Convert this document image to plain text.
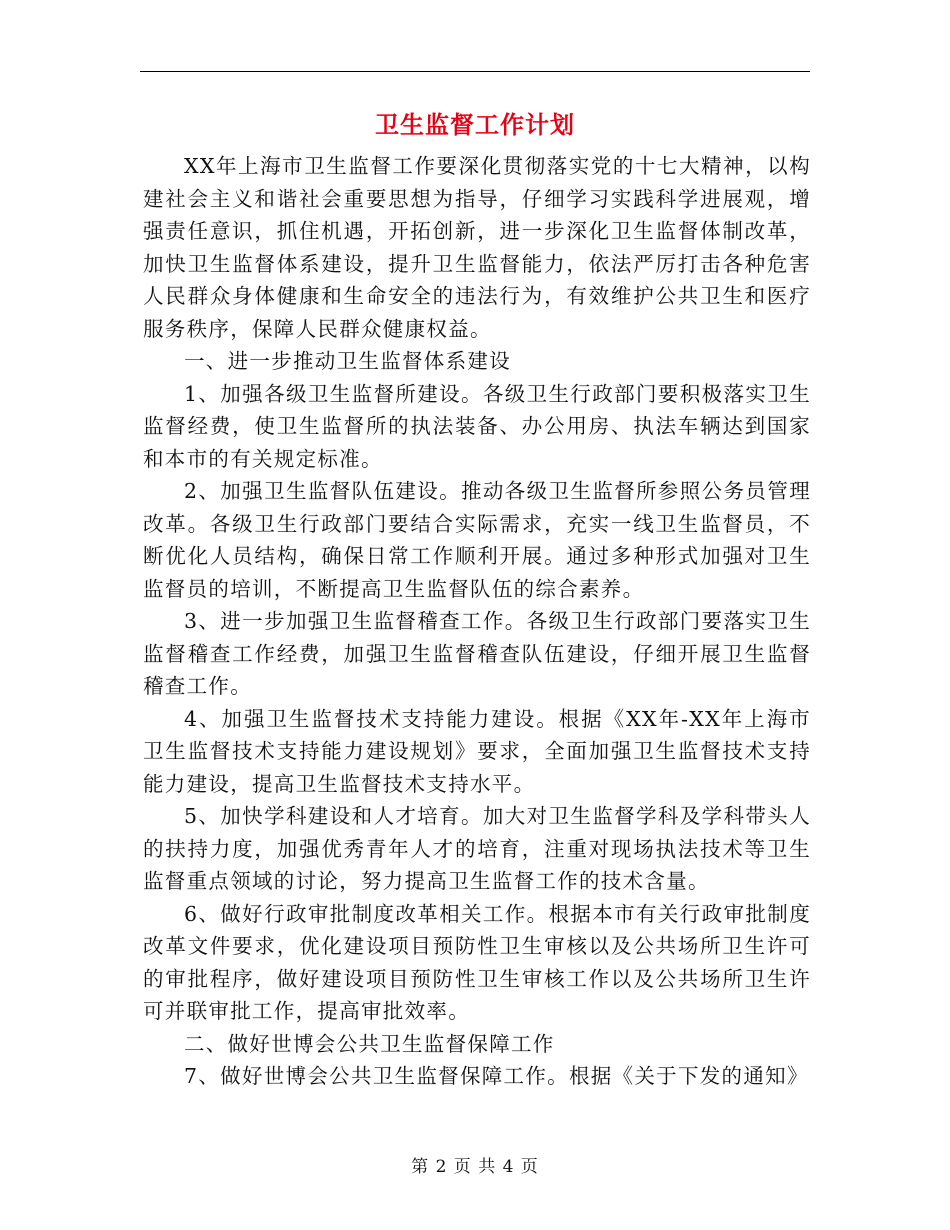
卫生监督工作计划

XX年上海市卫生监督工作要深化贯彻落实党的十七大精神，以构建社会主义和谐社会重要思想为指导，仔细学习实践科学进展观，增强责任意识，抓住机遇，开拓创新，进一步深化卫生监督体制改革，加快卫生监督体系建设，提升卫生监督能力，依法严厉打击各种危害人民群众身体健康和生命安全的违法行为，有效维护公共卫生和医疗服务秩序，保障人民群众健康权益。

一、进一步推动卫生监督体系建设

1、加强各级卫生监督所建设。各级卫生行政部门要积极落实卫生监督经费，使卫生监督所的执法装备、办公用房、执法车辆达到国家和本市的有关规定标准。

2、加强卫生监督队伍建设。推动各级卫生监督所参照公务员管理改革。各级卫生行政部门要结合实际需求，充实一线卫生监督员，不断优化人员结构，确保日常工作顺利开展。通过多种形式加强对卫生监督员的培训，不断提高卫生监督队伍的综合素养。

3、进一步加强卫生监督稽查工作。各级卫生行政部门要落实卫生监督稽查工作经费，加强卫生监督稽查队伍建设，仔细开展卫生监督稽查工作。

4、加强卫生监督技术支持能力建设。根据《XX年-XX年上海市卫生监督技术支持能力建设规划》要求，全面加强卫生监督技术支持能力建设，提高卫生监督技术支持水平。

5、加快学科建设和人才培育。加大对卫生监督学科及学科带头人的扶持力度，加强优秀青年人才的培育，注重对现场执法技术等卫生监督重点领域的讨论，努力提高卫生监督工作的技术含量。

6、做好行政审批制度改革相关工作。根据本市有关行政审批制度改革文件要求，优化建设项目预防性卫生审核以及公共场所卫生许可的审批程序，做好建设项目预防性卫生审核工作以及公共场所卫生许可并联审批工作，提高审批效率。

二、做好世博会公共卫生监督保障工作

7、做好世博会公共卫生监督保障工作。根据《关于下发的通知》

第 2 页 共 4 页
